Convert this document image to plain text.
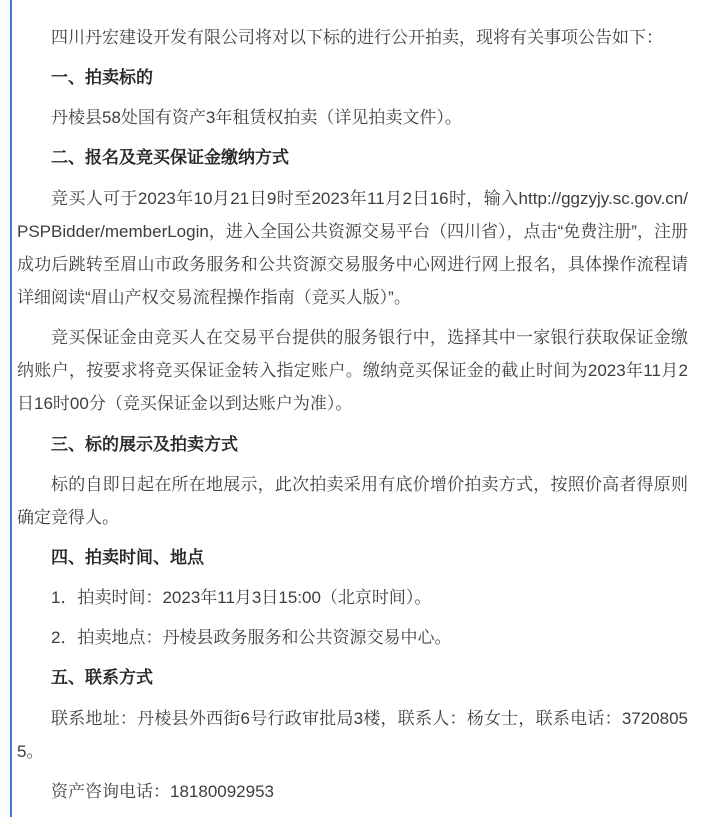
四川丹宏建设开发有限公司将对以下标的进行公开拍卖，现将有关事项公告如下：

一、拍卖标的

丹棱县58处国有资产3年租赁权拍卖（详见拍卖文件）。

二、报名及竞买保证金缴纳方式

竞买人可于2023年10月21日9时至2023年11月2日16时，输入http://ggzyjy.sc.gov.cn/PSPBidder/memberLogin，进入全国公共资源交易平台（四川省），点击“免费注册”，注册成功后跳转至眉山市政务服务和公共资源交易服务中心网进行网上报名，具体操作流程请详细阅读“眉山产权交易流程操作指南（竞买人版）”。

竞买保证金由竞买人在交易平台提供的服务银行中，选择其中一家银行获取保证金缴纳账户，按要求将竞买保证金转入指定账户。缴纳竞买保证金的截止时间为2023年11月2日16时00分（竞买保证金以到达账户为准）。

三、标的展示及拍卖方式

标的自即日起在所在地展示，此次拍卖采用有底价增价拍卖方式，按照价高者得原则确定竞得人。

四、拍卖时间、地点

1．拍卖时间：2023年11月3日15:00（北京时间）。

2．拍卖地点：丹棱县政务服务和公共资源交易中心。

五、联系方式

联系地址：丹棱县外西街6号行政审批局3楼，联系人：杨女士，联系电话：37208055。

资产咨询电话：18180092953
